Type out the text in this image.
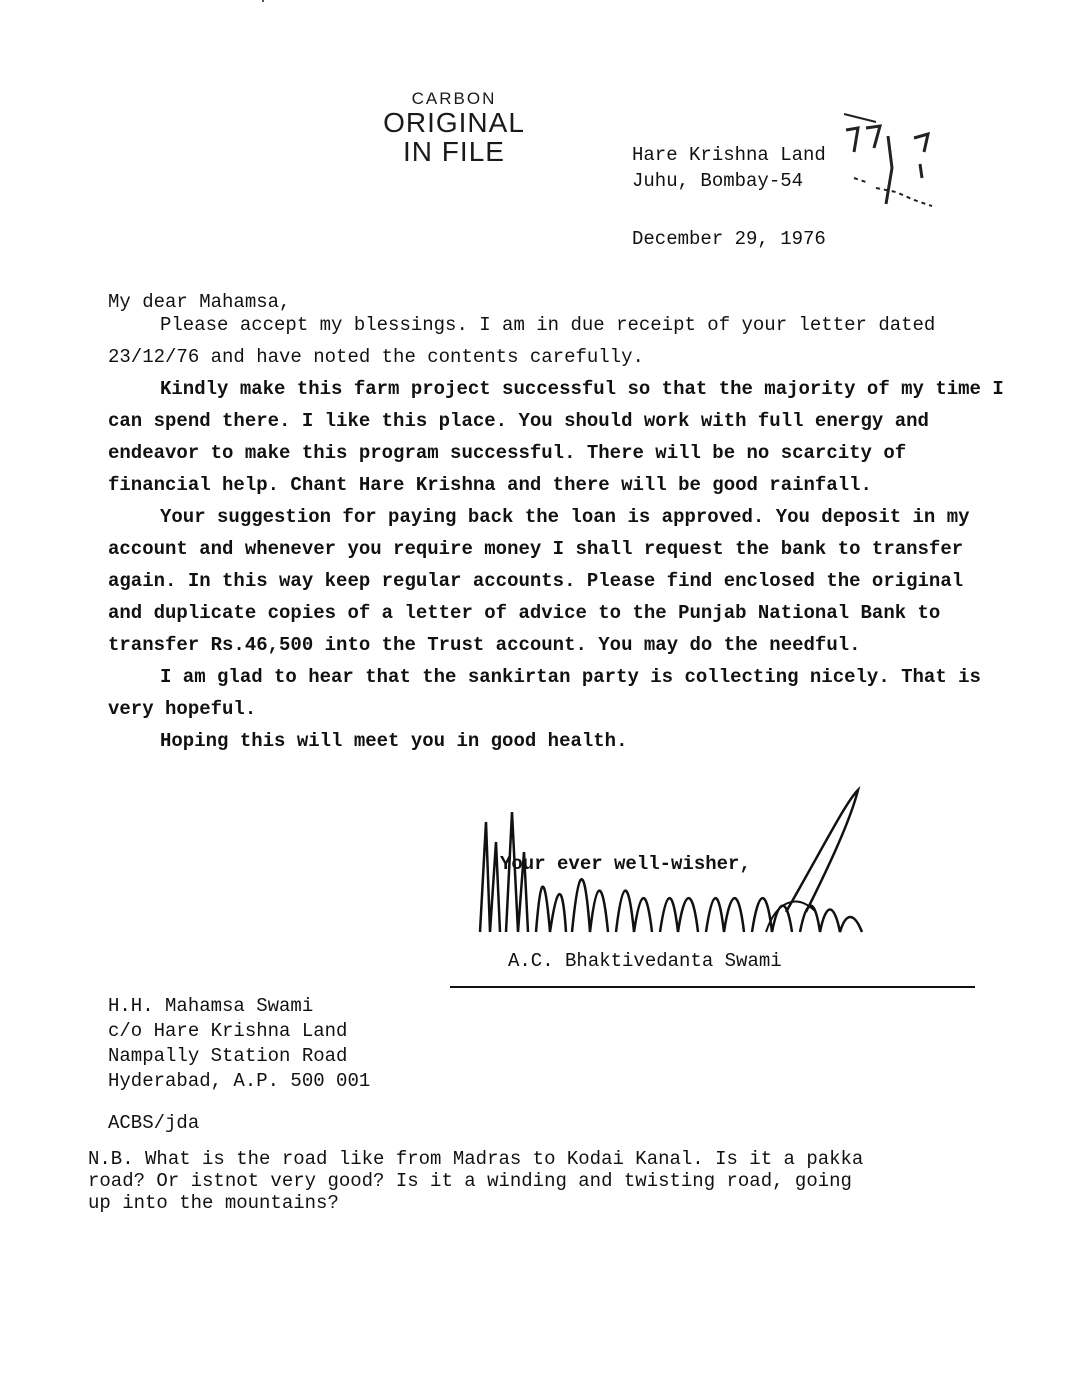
CARBON
ORIGINAL
IN FILE	Hare Krishna Land
Juhu, Bombay-54
December 29, 1976
My dear Mahamsa,

Please accept my blessings. I am in due receipt of your letter dated 23/12/76 and have noted the contents carefully.

Kindly make this farm project successful so that the majority of my time I can spend there. I like this place. You should work with full energy and endeavor to make this program successful. There will be no scarcity of financial help. Chant Hare Krishna and there will be good rainfall.

Your suggestion for paying back the loan is approved. You deposit in my account and whenever you require money I shall request the bank to transfer again. In this way keep regular accounts. Please find enclosed the original and duplicate copies of a letter of advice to the Punjab National Bank to transfer Rs.46,500 into the Trust account. You may do the needful.

I am glad to hear that the sankirtan party is collecting nicely. That is very hopeful.

Hoping this will meet you in good health.

Your ever well-wisher,
A.C. Bhaktivedanta Swami
H.H. Mahamsa Swami
c/o Hare Krishna Land
Nampally Station Road
Hyderabad, A.P. 500 001
ACBS/jda
N.B. What is the road like from Madras to Kodai Kanal. Is it a pakka
road? Or istnot very good? Is it a winding and twisting road, going
up into the mountains?
